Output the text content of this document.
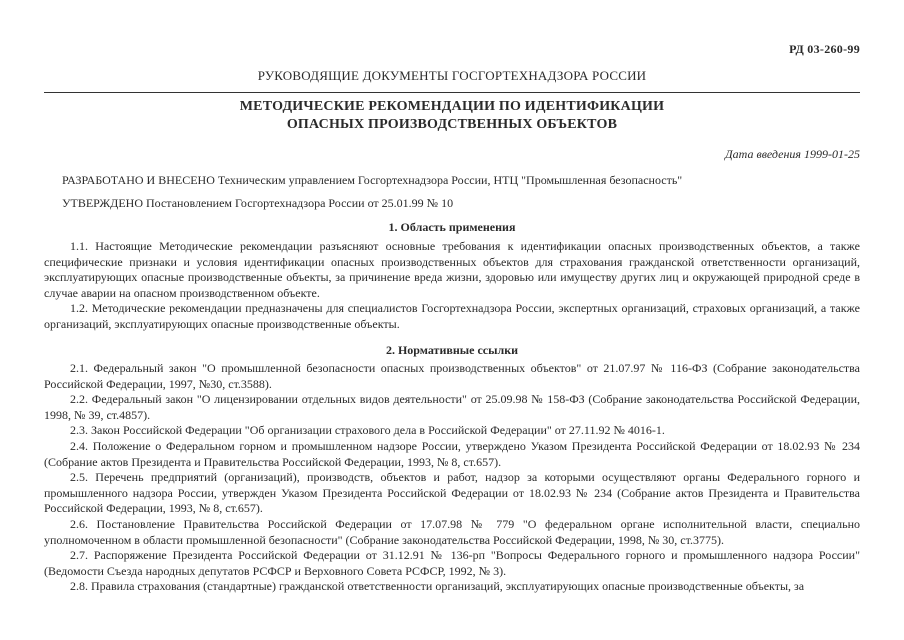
РД 03-260-99
РУКОВОДЯЩИЕ ДОКУМЕНТЫ ГОСГОРТЕХНАДЗОРА РОССИИ
МЕТОДИЧЕСКИЕ РЕКОМЕНДАЦИИ ПО ИДЕНТИФИКАЦИИ
ОПАСНЫХ ПРОИЗВОДСТВЕННЫХ ОБЪЕКТОВ
Дата введения 1999-01-25
РАЗРАБОТАНО И ВНЕСЕНО Техническим управлением Госгортехнадзора России, НТЦ "Промышленная безопасность"
УТВЕРЖДЕНО Постановлением Госгортехнадзора России от 25.01.99 № 10
1. Область применения

1.1. Настоящие Методические рекомендации разъясняют основные требования к идентификации опасных производственных объектов, а также специфические признаки и условия идентификации опасных производственных объектов для страхования гражданской ответственности организаций, эксплуатирующих опасные производственные объекты, за причинение вреда жизни, здоровью или имуществу других лиц и окружающей природной среде в случае аварии на опасном производственном объекте.

1.2. Методические рекомендации предназначены для специалистов Госгортехнадзора России, экспертных организаций, страховых организаций, а также организаций, эксплуатирующих опасные производственные объекты.

2. Нормативные ссылки

2.1. Федеральный закон "О промышленной безопасности опасных производственных объектов" от 21.07.97 № 116-ФЗ (Собрание законодательства Российской Федерации, 1997, №30, ст.3588).

2.2. Федеральный закон "О лицензировании отдельных видов деятельности" от 25.09.98 № 158-ФЗ (Собрание законодательства Российской Федерации, 1998, № 39, ст.4857).

2.3. Закон Российской Федерации "Об организации страхового дела в Российской Федерации" от 27.11.92 № 4016-1.

2.4. Положение о Федеральном горном и промышленном надзоре России, утверждено Указом Президента Российской Федерации от 18.02.93 № 234 (Собрание актов Президента и Правительства Российской Федерации, 1993, № 8, ст.657).

2.5. Перечень предприятий (организаций), производств, объектов и работ, надзор за которыми осуществляют органы Федерального горного и промышленного надзора России, утвержден Указом Президента Российской Федерации от 18.02.93 № 234 (Собрание актов Президента и Правительства Российской Федерации, 1993, № 8, ст.657).

2.6. Постановление Правительства Российской Федерации от 17.07.98 № 779 "О федеральном органе исполнительной власти, специально уполномоченном в области промышленной безопасности" (Собрание законодательства Российской Федерации, 1998, № 30, ст.3775).

2.7. Распоряжение Президента Российской Федерации от 31.12.91 № 136-рп "Вопросы Федерального горного и промышленного надзора России" (Ведомости Съезда народных депутатов РСФСР и Верховного Совета РСФСР, 1992, № 3).

2.8. Правила страхования (стандартные) гражданской ответственности организаций, эксплуатирующих опасные производственные объекты, за
